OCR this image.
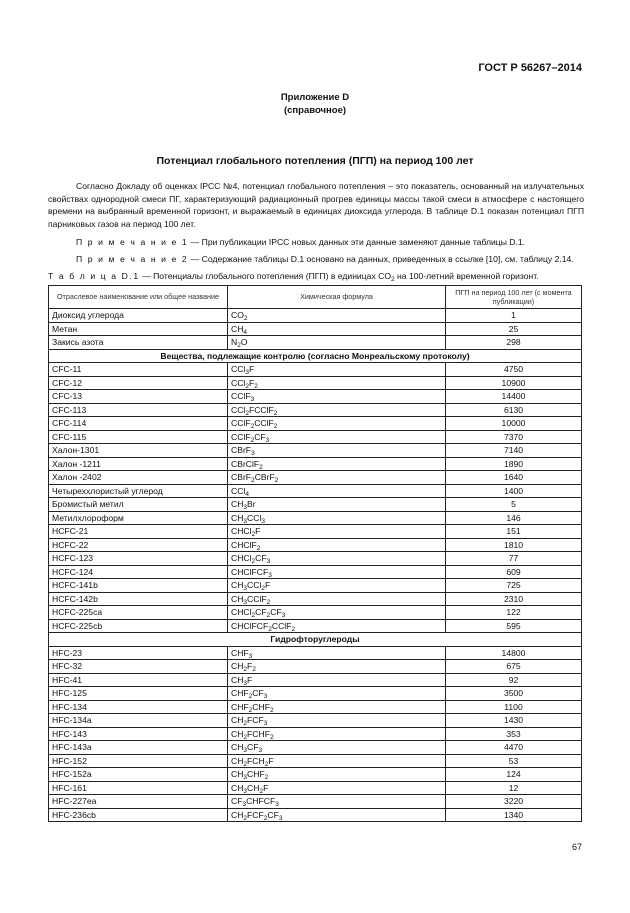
ГОСТ Р 56267–2014
Приложение D
(справочное)
Потенциал глобального потепления (ПГП) на период 100 лет
Согласно Докладу об оценках IPCC №4, потенциал глобального потепления – это показатель, основанный на излучательных свойствах однородной смеси ПГ, характеризующий радиационный прогрев единицы массы такой смеси в атмосфере с настоящего времени на выбранный временной горизонт, и выражаемый в единицах диоксида углерода. В таблице D.1 показан потенциал ПГП парниковых газов на период 100 лет.
П р и м е ч а н и е 1 — При публикации IPCC новых данных эти данные заменяют данные таблицы D.1.
П р и м е ч а н и е 2 — Содержание таблицы D.1 основано на данных, приведенных в ссылке [10], см. таблицу 2.14.
Т а б л и ц а D.1 — Потенциалы глобального потепления (ПГП) в единицах $CO_2$ на 100-летний временной горизонт.
Отраслевое наименование или общее название	Химическая формула	ПГП на период 100 лет (с момента публикации)
Диоксид углерода	$CO_2$	1
Метан	$CH_4$	25
Закись азота	$N_2O$	298
Вещества, подлежащие контролю (согласно Монреальскому протоколу)		
CFC-11	CCl$_3$F	4750
CFC-12	$CCl_2F_2$	10900
CFC-13	CClF$_3$	14400
CFC-113	CCl$_2$FCClF$_2$	6130
CFC-114	CClF$_2$CClF$_2$	10000
CFC-115	$CClF_2CF_3$	7370
Халон-1301	CBrF$_3$	7140
Халон -1211	CBrClF$_2$	1890
Халон -2402	CBrF$_2$CBrF$_2$	1640
Четыреххлористый углерод	CCl$_4$	1400
Бромистый метил	$CH_3Br$	5
Метилхлороформ	$CH_3CCl_3$	146
HCFC-21	CHCl$_2$F	151
HCFC-22	CHClF$_2$	1810
HCFC-123	$CHCl_2CF_3$	77
HCFC-124	CHClFCF$_3$	609
HCFC-141b	$CH_3CCl_2F$	725
HCFC-142b	$CH_3CClF_2$	2310
HCFC-225ca	$CHCl_2CF_2CF_3$	122
HCFC-225cb	CHClFCF$_2$CClF$_2$	595
Гидрофторуглероды		
HFC-23	$CHF_3$	14800
HFC-32	$CH_2F_2$	675
HFC-41	$CH_3F$	92
HFC-125	$CHF_2CF_3$	3500
HFC-134	$CHF_2CHF_2$	1100
HFC-134a	$CH_2FCF_3$	1430
HFC-143	$CH_2FCHF_2$	353
HFC-143a	$CH_3CF_3$	4470
HFC-152	$CH_2FCH_2F$	53
HFC-152a	$CH_3CHF_2$	124
HFC-161	$CH_3CH_2F$	12
HFC-227ea	$CF_3CHFCF_3$	3220
HFC-236cb	$CH_2FCF_2CF_3$	1340
67
